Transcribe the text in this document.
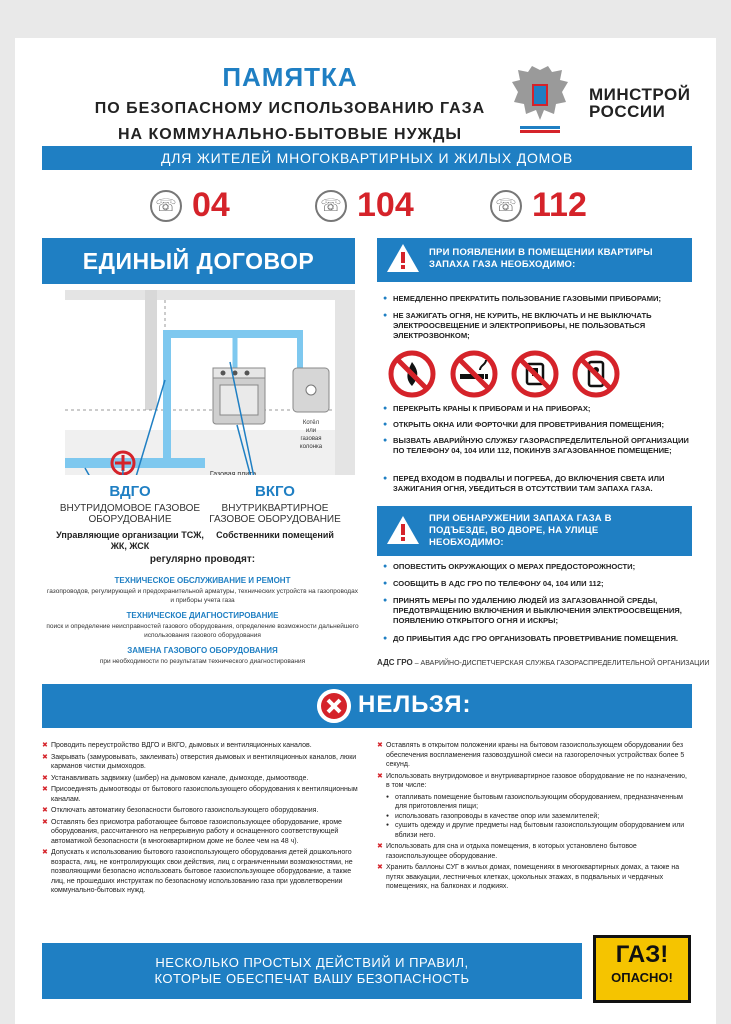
ПАМЯТКА
ПО БЕЗОПАСНОМУ ИСПОЛЬЗОВАНИЮ ГАЗА
НА КОММУНАЛЬНО-БЫТОВЫЕ НУЖДЫ
МИНСТРОЙ
РОССИИ
ДЛЯ ЖИТЕЛЕЙ МНОГОКВАРТИРНЫХ И ЖИЛЫХ ДОМОВ
☏ 04	☏ 104	☏ 112
ЕДИНЫЙ ДОГОВОР
Котёл
или
газовая
колонка
Газовая плита
ВДГО
ВНУТРИДОМОВОЕ ГАЗОВОЕ ОБОРУДОВАНИЕ
Управляющие организации ТСЖ, ЖК, ЖСК
ВКГО
ВНУТРИКВАРТИРНОЕ ГАЗОВОЕ ОБОРУДОВАНИЕ
Собственники помещений
регулярно проводят:
ТЕХНИЧЕСКОЕ ОБСЛУЖИВАНИЕ И РЕМОНТ
газопроводов, регулирующей и предохранительной арматуры, технических устройств на газопроводах и приборы учета газа
ТЕХНИЧЕСКОЕ ДИАГНОСТИРОВАНИЕ
поиск и определение неисправностей газового оборудования, определение возможности дальнейшего использования газового оборудования
ЗАМЕНА ГАЗОВОГО ОБОРУДОВАНИЯ
при необходимости по результатам технического диагностирования
ПРИ ПОЯВЛЕНИИ В ПОМЕЩЕНИИ КВАРТИРЫ ЗАПАХА ГАЗА НЕОБХОДИМО:
● НЕМЕДЛЕННО ПРЕКРАТИТЬ ПОЛЬЗОВАНИЕ ГАЗОВЫМИ ПРИБОРАМИ;
● НЕ ЗАЖИГАТЬ ОГНЯ, НЕ КУРИТЬ, НЕ ВКЛЮЧАТЬ И НЕ ВЫКЛЮЧАТЬ ЭЛЕКТРООСВЕЩЕНИЕ И ЭЛЕКТРОПРИБОРЫ, НЕ ПОЛЬЗОВАТЬСЯ ЭЛЕКТРОЗВОНКОМ;
● ПЕРЕКРЫТЬ КРАНЫ К ПРИБОРАМ И НА ПРИБОРАХ;
● ОТКРЫТЬ ОКНА ИЛИ ФОРТОЧКИ ДЛЯ ПРОВЕТРИВАНИЯ ПОМЕЩЕНИЯ;
● ВЫЗВАТЬ АВАРИЙНУЮ СЛУЖБУ ГАЗОРАСПРЕДЕЛИТЕЛЬНОЙ ОРГАНИЗАЦИИ ПО ТЕЛЕФОНУ 04, 104 ИЛИ 112, ПОКИНУВ ЗАГАЗОВАННОЕ ПОМЕЩЕНИЕ;
● ПЕРЕД ВХОДОМ В ПОДВАЛЫ И ПОГРЕБА, ДО ВКЛЮЧЕНИЯ СВЕТА ИЛИ ЗАЖИГАНИЯ ОГНЯ, УБЕДИТЬСЯ В ОТСУТСТВИИ ТАМ ЗАПАХА ГАЗА.
ПРИ ОБНАРУЖЕНИИ ЗАПАХА ГАЗА В ПОДЪЕЗДЕ, ВО ДВОРЕ, НА УЛИЦЕ НЕОБХОДИМО:
● ОПОВЕСТИТЬ ОКРУЖАЮЩИХ О МЕРАХ ПРЕДОСТОРОЖНОСТИ;
● СООБЩИТЬ В АДС ГРО ПО ТЕЛЕФОНУ 04, 104 ИЛИ 112;
● ПРИНЯТЬ МЕРЫ ПО УДАЛЕНИЮ ЛЮДЕЙ ИЗ ЗАГАЗОВАННОЙ СРЕДЫ, ПРЕДОТВРАЩЕНИЮ ВКЛЮЧЕНИЯ И ВЫКЛЮЧЕНИЯ ЭЛЕКТРООСВЕЩЕНИЯ, ПОЯВЛЕНИЮ ОТКРЫТОГО ОГНЯ И ИСКРЫ;
● ДО ПРИБЫТИЯ АДС ГРО ОРГАНИЗОВАТЬ ПРОВЕТРИВАНИЕ ПОМЕЩЕНИЯ.
АДС ГРО – АВАРИЙНО-ДИСПЕТЧЕРСКАЯ СЛУЖБА ГАЗОРАСПРЕДЕЛИТЕЛЬНОЙ ОРГАНИЗАЦИИ
НЕЛЬЗЯ:
✖ Проводить переустройство ВДГО и ВКГО, дымовых и вентиляционных каналов.
✖ Закрывать (замуровывать, заклеивать) отверстия дымовых и вентиляционных каналов, люки карманов чистки дымоходов.
✖ Устанавливать задвижку (шибер) на дымовом канале, дымоходе, дымоотводе.
✖ Присоединять дымоотводы от бытового газоиспользующего оборудования к вентиляционным каналам.
✖ Отключать автоматику безопасности бытового газоиспользующего оборудования.
✖ Оставлять без присмотра работающее бытовое газоиспользующее оборудование, кроме оборудования, рассчитанного на непрерывную работу и оснащенного соответствующей автоматикой безопасности (в многоквартирном доме не более чем на 48 ч).
✖ Допускать к использованию бытового газоиспользующего оборудования детей дошкольного возраста, лиц, не контролирующих свои действия, лиц с ограниченными возможностями, не позволяющими безопасно использовать бытовое газоиспользующее оборудование, а также лиц, не прошедших инструктаж по безопасному использованию газа при удовлетворении коммунально-бытовых нужд.
✖ Оставлять в открытом положении краны на бытовом газоиспользующем оборудовании без обеспечения воспламенения газовоздушной смеси на газогорелочных устройствах более 5 секунд.
✖ Использовать внутридомовое и внутриквартирное газовое оборудование не по назначению, в том числе:
● отапливать помещение бытовым газоиспользующим оборудованием, предназначенным для приготовления пищи;
● использовать газопроводы в качестве опор или заземлителей;
● сушить одежду и другие предметы над бытовым газоиспользующим оборудованием или вблизи него.
✖ Использовать для сна и отдыха помещения, в которых установлено бытовое газоиспользующее оборудование.
✖ Хранить баллоны СУГ в жилых домах, помещениях в многоквартирных домах, а также на путях эвакуации, лестничных клетках, цокольных этажах, в подвальных и чердачных помещениях, на балконах и лоджиях.
НЕСКОЛЬКО ПРОСТЫХ ДЕЙСТВИЙ И ПРАВИЛ,
КОТОРЫЕ ОБЕСПЕЧАТ ВАШУ БЕЗОПАСНОСТЬ
ГАЗ!
ОПАСНО!
